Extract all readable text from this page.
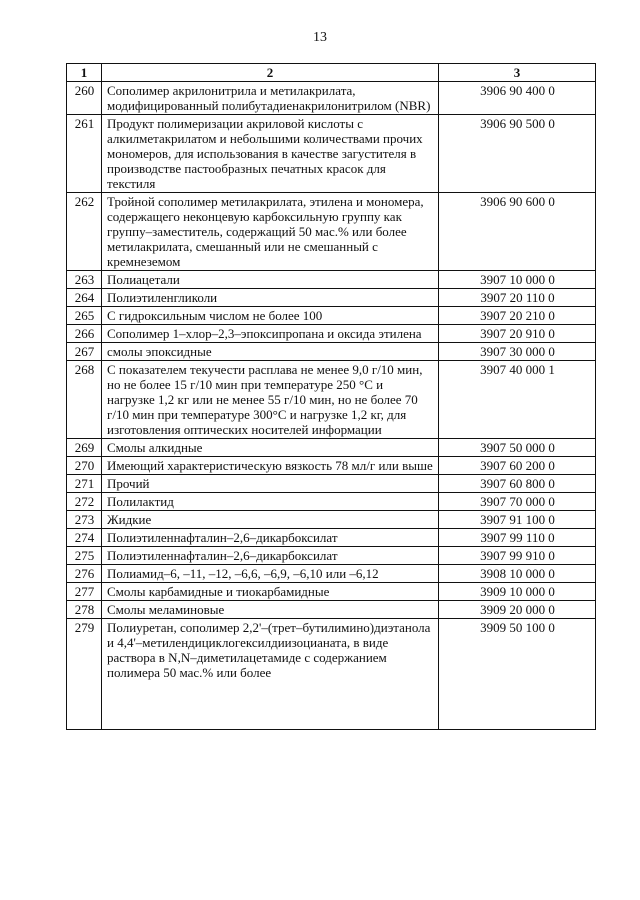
13
1	2	3
260	Сополимер акрилонитрила и метилакрилата, модифицированный полибутадиенакрилонитрилом (NBR)	3906 90 400 0
261	Продукт полимеризации акриловой кислоты с алкилметакрилатом и небольшими количествами прочих мономеров, для использования в качестве загустителя в производстве пастообразных печатных красок для текстиля	3906 90 500 0
262	Тройной сополимер метилакрилата, этилена и мономера, содержащего неконцевую карбоксильную группу как группу–заместитель, содержащий 50 мас.% или более метилакрилата, смешанный или не смешанный с кремнеземом	3906 90 600 0
263	Полиацетали	3907 10 000 0
264	Полиэтиленгликоли	3907 20 110 0
265	С гидроксильным числом не более 100	3907 20 210 0
266	Сополимер 1–хлор–2,3–эпоксипропана и оксида этилена	3907 20 910 0
267	смолы эпоксидные	3907 30 000 0
268	С показателем текучести расплава не менее 9,0 г/10 мин, но не более 15 г/10 мин при температуре 250 °C и нагрузке 1,2 кг или не менее 55 г/10 мин, но не более 70 г/10 мин при температуре 300°C и нагрузке 1,2 кг, для изготовления оптических носителей информации	3907 40 000 1
269	Смолы алкидные	3907 50 000 0
270	Имеющий характеристическую вязкость 78 мл/г или выше	3907 60 200 0
271	Прочий	3907 60 800 0
272	Полилактид	3907 70 000 0
273	Жидкие	3907 91 100 0
274	Полиэтиленнафталин–2,6–дикарбоксилат	3907 99 110 0
275	Полиэтиленнафталин–2,6–дикарбоксилат	3907 99 910 0
276	Полиамид–6, –11, –12, –6,6, –6,9, –6,10 или –6,12	3908 10 000 0
277	Смолы карбамидные и тиокарбамидные	3909 10 000 0
278	Смолы меламиновые	3909 20 000 0
279	Полиуретан, сополимер 2,2'–(трет–бутилимино)диэтанола и 4,4'–метилендициклогексилдиизоцианата, в виде раствора в N,N–диметилацетамиде с содержанием полимера 50 мас.% или более	3909 50 100 0
